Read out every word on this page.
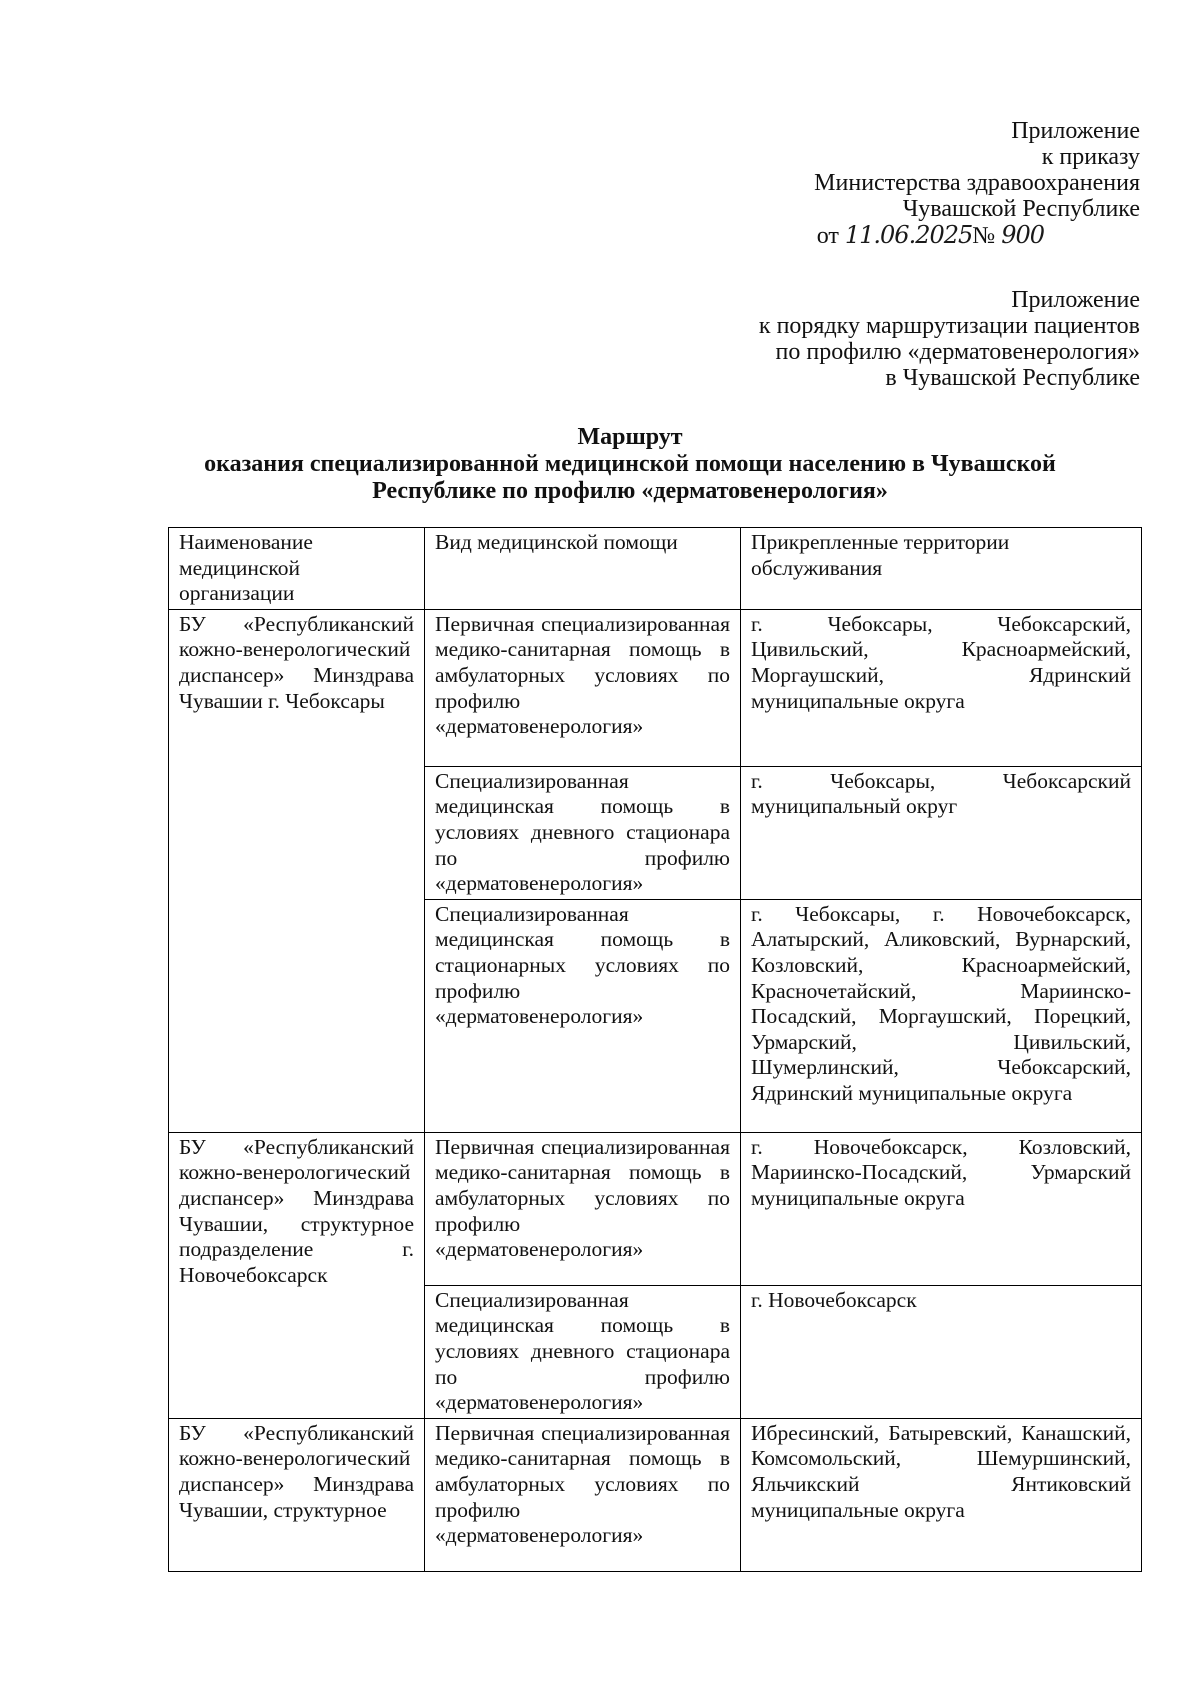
Приложение
к приказу
Министерства здравоохранения
Чувашской Республике
от 11.06.2025№ 900
Приложение
к порядку маршрутизации пациентов
по профилю «дерматовенерология»
в Чувашской Республике
Маршрут
оказания специализированной медицинской помощи населению в Чувашской
Республике по профилю «дерматовенерология»
Наименование медицинской организации	Вид медицинской помощи	Прикрепленные территории обслуживания
БУ «Республиканский кожно-венерологический диспансер» Минздрава Чувашии г. Чебоксары	Первичная специализированная медико-санитарная помощь в амбулаторных условиях по профилю «дерматовенерология»	г. Чебоксары, Чебоксарский, Цивильский, Красноармейский, Моргаушский, Ядринский муниципальные округа
	Специализированная медицинская помощь в условиях дневного стационара по профилю «дерматовенерология»	г. Чебоксары, Чебоксарский муниципальный округ
	Специализированная медицинская помощь в стационарных условиях по профилю «дерматовенерология»	г. Чебоксары, г. Новочебоксарск, Алатырский, Аликовский, Вурнарский, Козловский, Красноармейский, Красночетайский, Мариинско-Посадский, Моргаушский, Порецкий, Урмарский, Цивильский, Шумерлинский, Чебоксарский, Ядринский муниципальные округа
БУ «Республиканский кожно-венерологический диспансер» Минздрава Чувашии, структурное подразделение г. Новочебоксарск	Первичная специализированная медико-санитарная помощь в амбулаторных условиях по профилю «дерматовенерология»	г. Новочебоксарск, Козловский, Мариинско-Посадский, Урмарский муниципальные округа
	Специализированная медицинская помощь в условиях дневного стационара по профилю «дерматовенерология»	г. Новочебоксарск
БУ «Республиканский кожно-венерологический диспансер» Минздрава Чувашии, структурное	Первичная специализированная медико-санитарная помощь в амбулаторных условиях по профилю «дерматовенерология»	Ибресинский, Батыревский, Канашский, Комсомольский, Шемуршинский, Яльчикский Янтиковский муниципальные округа
